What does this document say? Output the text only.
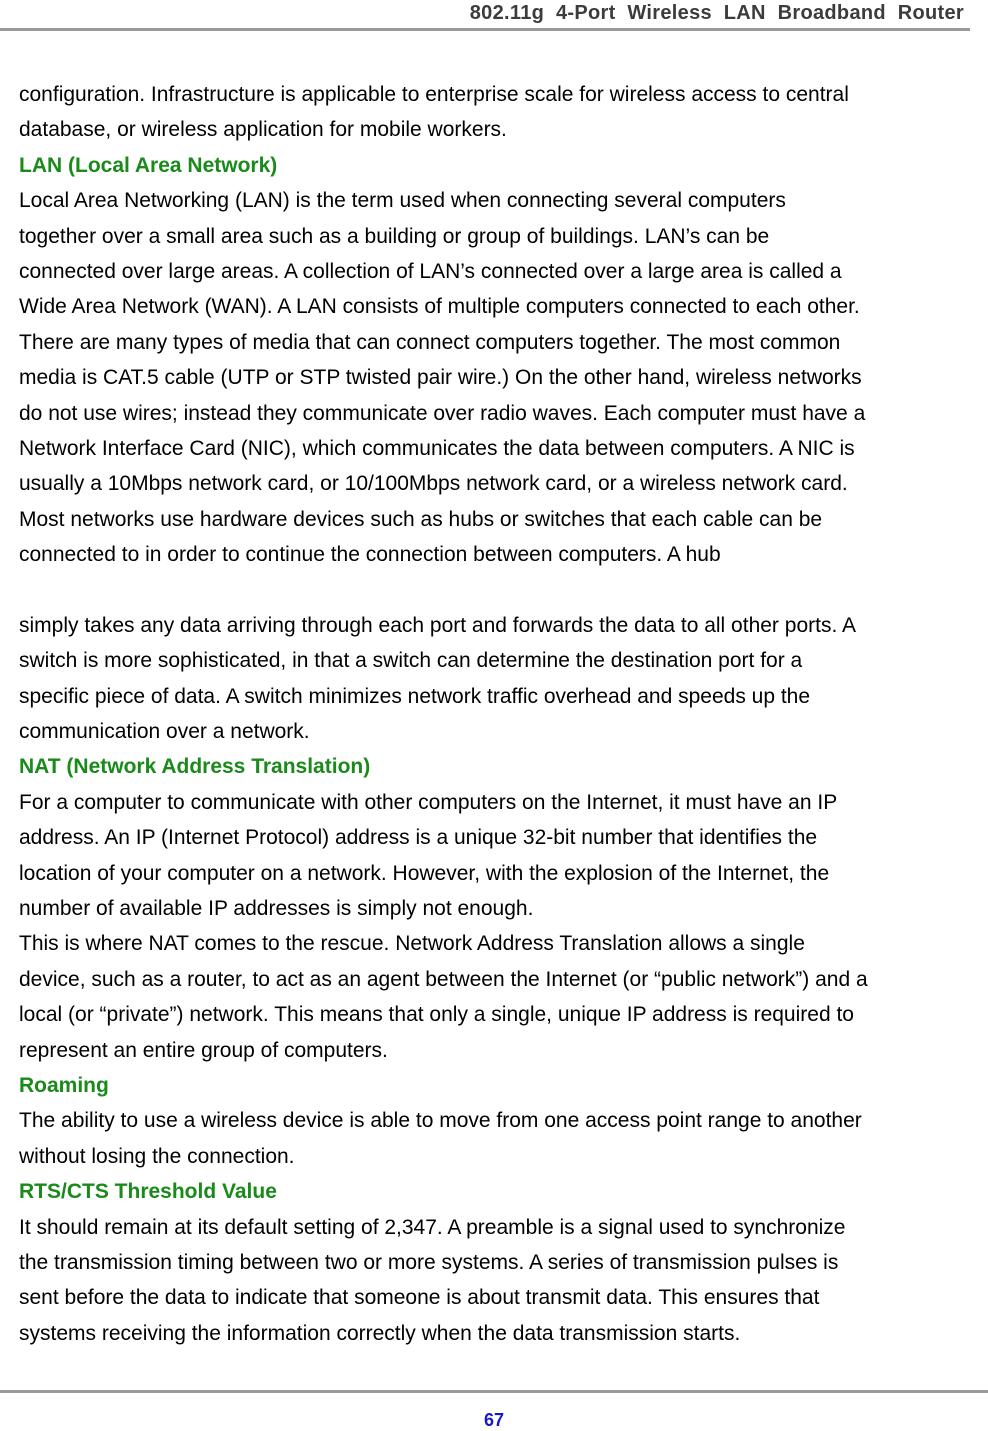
802.11g 4-Port Wireless LAN Broadband Router
configuration. Infrastructure is applicable to enterprise scale for wireless access to central
database, or wireless application for mobile workers.
LAN (Local Area Network)
Local Area Networking (LAN) is the term used when connecting several computers
together over a small area such as a building or group of buildings. LAN’s can be
connected over large areas. A collection of LAN’s connected over a large area is called a
Wide Area Network (WAN). A LAN consists of multiple computers connected to each other.
There are many types of media that can connect computers together. The most common
media is CAT.5 cable (UTP or STP twisted pair wire.) On the other hand, wireless networks
do not use wires; instead they communicate over radio waves. Each computer must have a
Network Interface Card (NIC), which communicates the data between computers. A NIC is
usually a 10Mbps network card, or 10/100Mbps network card, or a wireless network card.
Most networks use hardware devices such as hubs or switches that each cable can be
connected to in order to continue the connection between computers. A hub
simply takes any data arriving through each port and forwards the data to all other ports. A
switch is more sophisticated, in that a switch can determine the destination port for a
specific piece of data. A switch minimizes network traffic overhead and speeds up the
communication over a network.
NAT (Network Address Translation)
For a computer to communicate with other computers on the Internet, it must have an IP
address. An IP (Internet Protocol) address is a unique 32-bit number that identifies the
location of your computer on a network. However, with the explosion of the Internet, the
number of available IP addresses is simply not enough.
This is where NAT comes to the rescue. Network Address Translation allows a single
device, such as a router, to act as an agent between the Internet (or “public network”) and a
local (or “private”) network. This means that only a single, unique IP address is required to
represent an entire group of computers.
Roaming
The ability to use a wireless device is able to move from one access point range to another
without losing the connection.
RTS/CTS Threshold Value
It should remain at its default setting of 2,347. A preamble is a signal used to synchronize
the transmission timing between two or more systems. A series of transmission pulses is
sent before the data to indicate that someone is about transmit data. This ensures that
systems receiving the information correctly when the data transmission starts.
67
